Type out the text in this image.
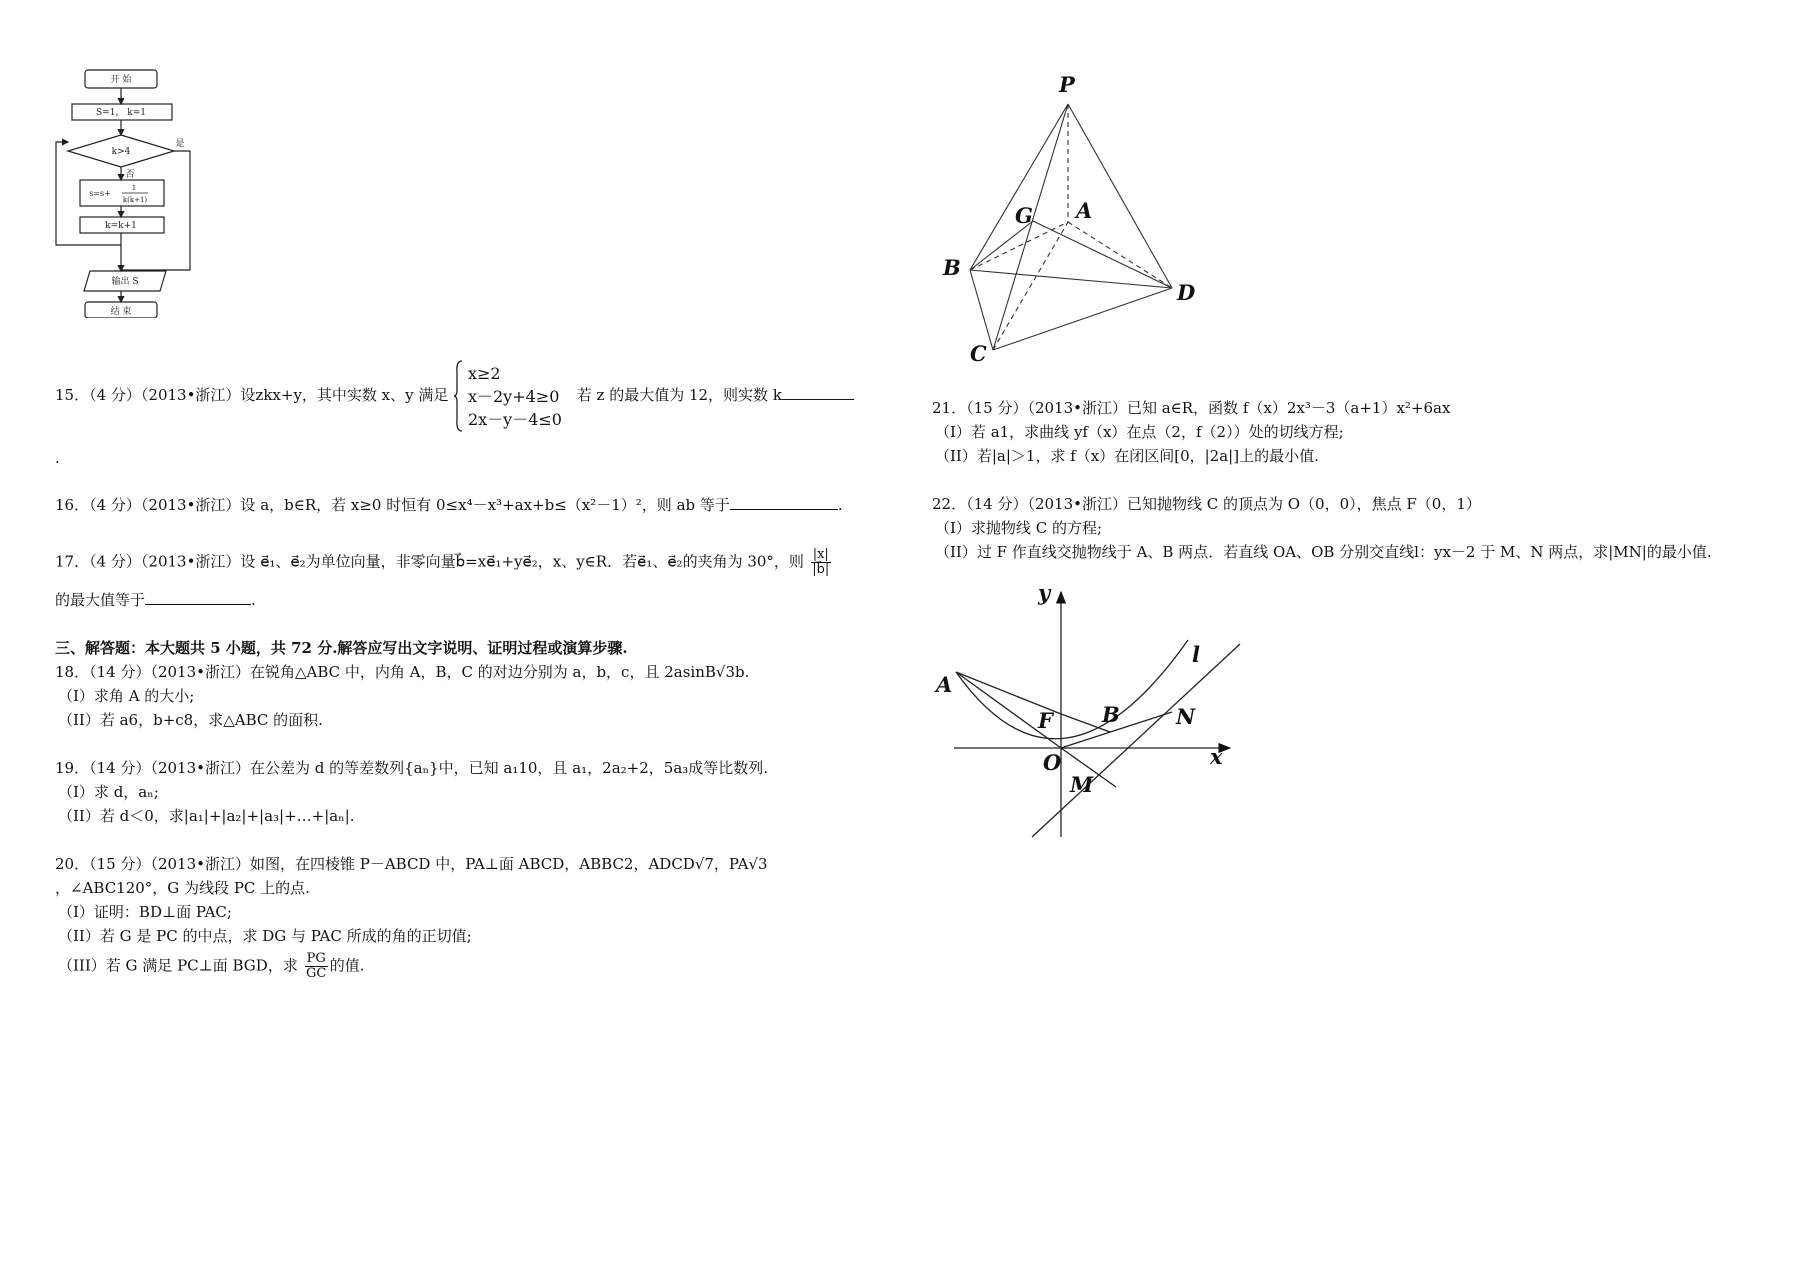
开 始
S=1， k=1
k>4
是
否
s=s+
1
k(k+1)
k=k+1
输出 S
结 束
15．（4 分）（2013•浙江）设zkx+y，其中实数 x、y 满足
x≥2
x－2y+4≥0
2x－y－4≤0
若 z 的最大值为 12，则实数 k
.
16．（4 分）（2013•浙江）设 a，b∈R，若 x≥0 时恒有 0≤x⁴－x³+ax+b≤（x²－1）²，则 ab 等于	.
17．（4 分）（2013•浙江）设 e⃗₁、e⃗₂为单位向量，非零向量b⃗=xe⃗₁+ye⃗₂，x、y∈R．若e⃗₁、e⃗₂的夹角为 30°，则 $\frac{|x|}{|b⃗|}$
的最大值等于	.
三、解答题：本大题共 5 小题，共 72 分.解答应写出文字说明、证明过程或演算步骤.
18．（14 分）（2013•浙江）在锐角△ABC 中，内角 A，B，C 的对边分别为 a，b，c，且 2asinB√3b.
（I）求角 A 的大小;
（II）若 a6，b+c8，求△ABC 的面积.
19．（14 分）（2013•浙江）在公差为 d 的等差数列{aₙ}中，已知 a₁10，且 a₁，2a₂+2，5a₃成等比数列.
（I）求 d，aₙ;
（II）若 d＜0，求|a₁|+|a₂|+|a₃|+…+|aₙ|.
20．（15 分）（2013•浙江）如图，在四棱锥 P－ABCD 中，PA⊥面 ABCD，ABBC2，ADCD√7，PA√3
，∠ABC120°，G 为线段 PC 上的点.
（I）证明：BD⊥面 PAC;
（II）若 G 是 PC 的中点，求 DG 与 PAC 所成的角的正切值;
（III）若 G 满足 PC⊥面 BGD，求 $\frac{PG}{GC}$ 的值.
P
A
G
B
D
C
21．（15 分）（2013•浙江）已知 a∈R，函数 f（x）2x³－3（a+1）x²+6ax
（I）若 a1，求曲线 yf（x）在点（2，f（2））处的切线方程;
（II）若|a|＞1，求 f（x）在闭区间[0，|2a|]上的最小值.
22．（14 分）（2013•浙江）已知抛物线 C 的顶点为 O（0，0），焦点 F（0，1）
（I）求抛物线 C 的方程;
（II）过 F 作直线交抛物线于 A、B 两点．若直线 OA、OB 分别交直线l：yx－2 于 M、N 两点，求|MN|的最小值.
y
x
O
A
F B	N
M
l
